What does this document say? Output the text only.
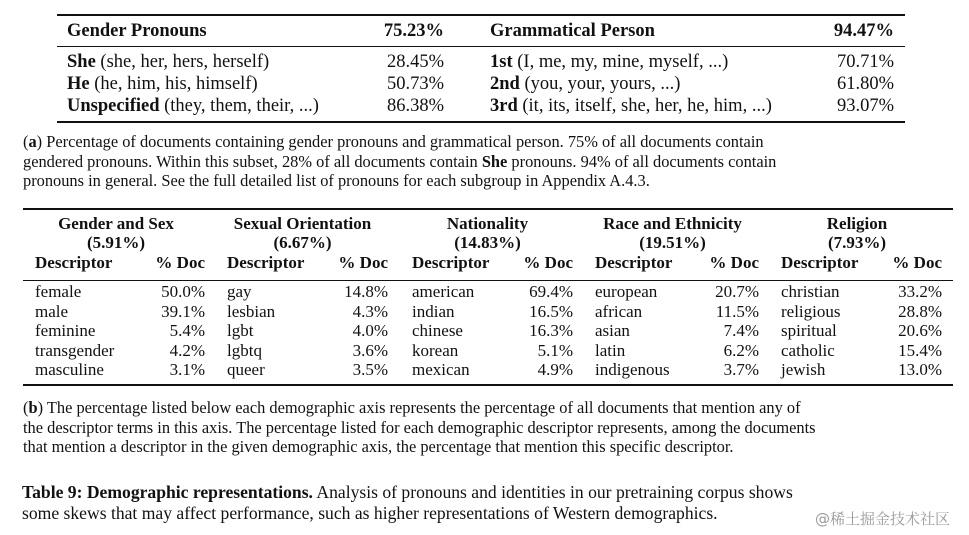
Gender Pronouns	75.23% Grammatical Person	94.47%
She (she, her, hers, herself)	28.45% 1st (I, me, my, mine, myself, ...)	70.71%
He (he, him, his, himself)	50.73% 2nd (you, your, yours, ...)	61.80%
Unspecified (they, them, their, ...)	86.38% 3rd (it, its, itself, she, her, he, him, ...)	93.07%
(a) Percentage of documents containing gender pronouns and grammatical person. 75% of all documents contain
gendered pronouns. Within this subset, 28% of all documents contain She pronouns. 94% of all documents contain
pronouns in general. See the full detailed list of pronouns for each subgroup in Appendix A.4.3.
Gender and Sex
(5.91%)
Descriptor	% Doc
female	50.0%
male	39.1%
feminine	5.4%
transgender	4.2%
masculine	3.1%
Sexual Orientation
(6.67%)
Descriptor % Doc
gay	14.8%
lesbian	4.3%
lgbt	4.0%
lgbtq	3.6%
queer	3.5%
Nationality
(14.83%)
Descriptor % Doc
american	69.4%
indian	16.5%
chinese	16.3%
korean	5.1%
mexican	4.9%
Race and Ethnicity
(19.51%)
Descriptor % Doc
european	20.7%
african	11.5%
asian	7.4%
latin	6.2%
indigenous	3.7%
Religion
(7.93%)
Descriptor % Doc
christian	33.2%
religious	28.8%
spiritual	20.6%
catholic	15.4%
jewish	13.0%
(b) The percentage listed below each demographic axis represents the percentage of all documents that mention any of
the descriptor terms in this axis. The percentage listed for each demographic descriptor represents, among the documents
that mention a descriptor in the given demographic axis, the percentage that mention this specific descriptor.
Table 9: Demographic representations. Analysis of pronouns and identities in our pretraining corpus shows
some skews that may affect performance, such as higher representations of Western demographics.	@稀土掘金技术社区
